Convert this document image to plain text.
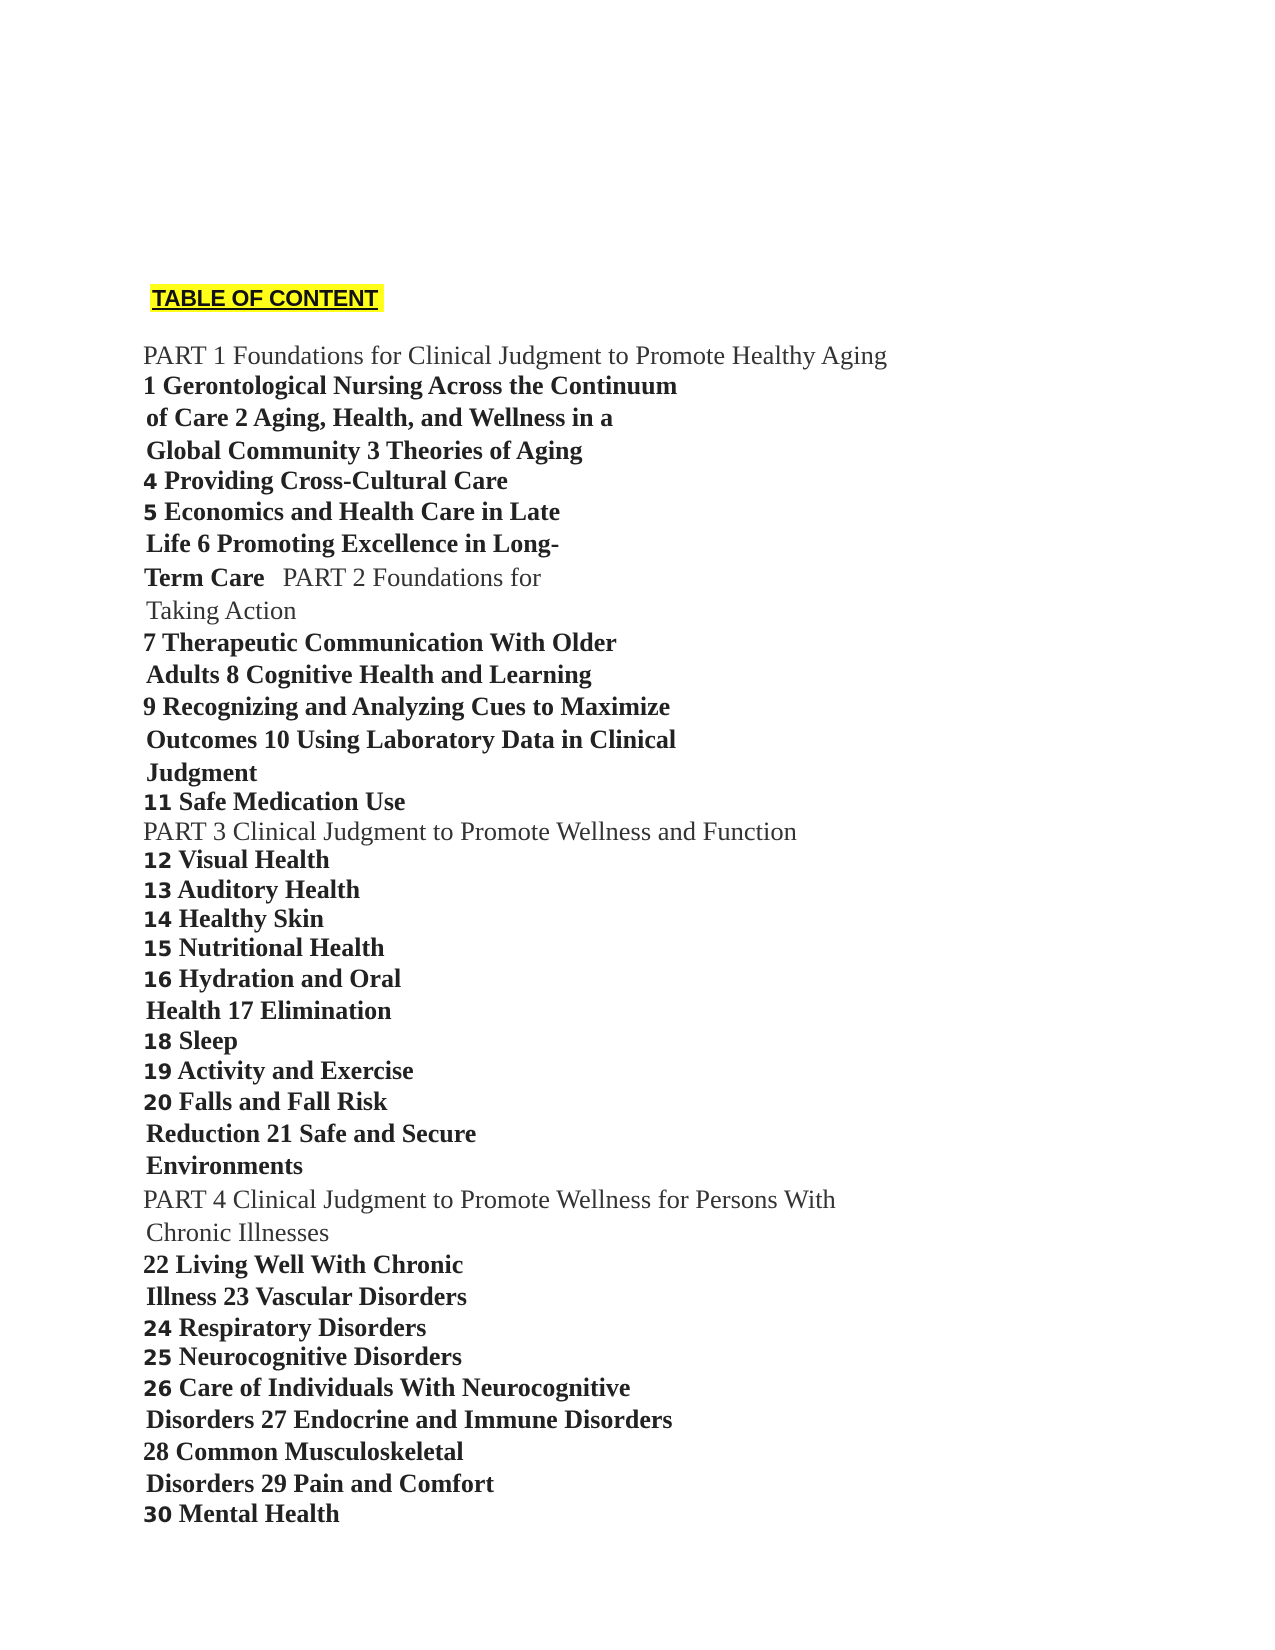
TABLE OF CONTENT
PART 1 Foundations for Clinical Judgment to Promote Healthy Aging
1 Gerontological Nursing Across the Continuum
of Care 2 Aging, Health, and Wellness in a
Global Community 3 Theories of Aging
4 Providing Cross-Cultural Care
5 Economics and Health Care in Late
Life 6 Promoting Excellence in Long-
Term Care PART 2 Foundations for
Taking Action
7 Therapeutic Communication With Older
Adults 8 Cognitive Health and Learning
9 Recognizing and Analyzing Cues to Maximize
Outcomes 10 Using Laboratory Data in Clinical
Judgment
11 Safe Medication Use
PART 3 Clinical Judgment to Promote Wellness and Function
12 Visual Health
13 Auditory Health
14 Healthy Skin
15 Nutritional Health
16 Hydration and Oral
Health 17 Elimination
18 Sleep
19 Activity and Exercise
20 Falls and Fall Risk
Reduction 21 Safe and Secure
Environments
PART 4 Clinical Judgment to Promote Wellness for Persons With
Chronic Illnesses
22 Living Well With Chronic
Illness 23 Vascular Disorders
24 Respiratory Disorders
25 Neurocognitive Disorders
26 Care of Individuals With Neurocognitive
Disorders 27 Endocrine and Immune Disorders
28 Common Musculoskeletal
Disorders 29 Pain and Comfort
30 Mental Health
